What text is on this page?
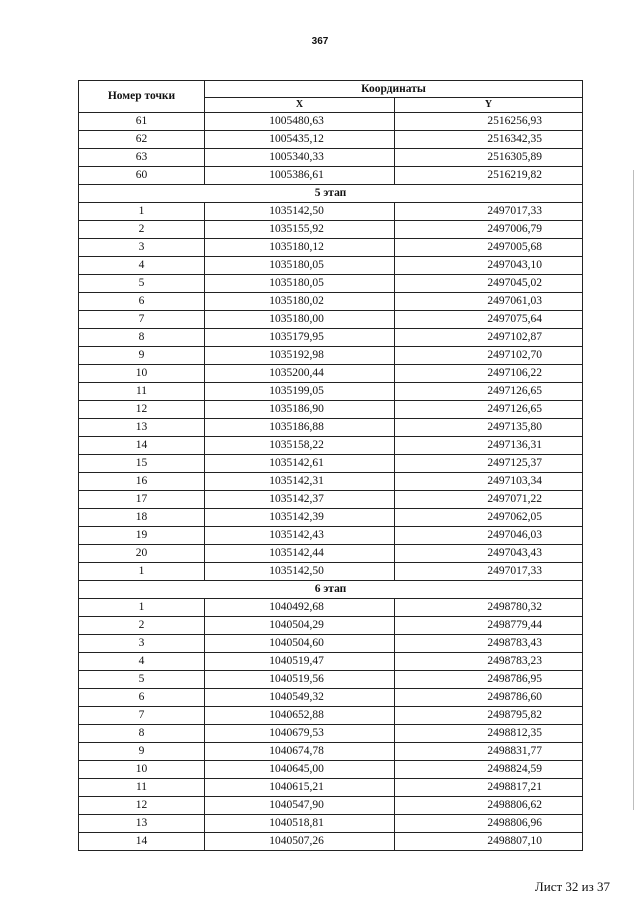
367
Номер точки	Координаты	
	X	Y
61	1005480,63	2516256,93
62	1005435,12	2516342,35
63	1005340,33	2516305,89
60	1005386,61	2516219,82
5 этап		
1	1035142,50	2497017,33
2	1035155,92	2497006,79
3	1035180,12	2497005,68
4	1035180,05	2497043,10
5	1035180,05	2497045,02
6	1035180,02	2497061,03
7	1035180,00	2497075,64
8	1035179,95	2497102,87
9	1035192,98	2497102,70
10	1035200,44	2497106,22
11	1035199,05	2497126,65
12	1035186,90	2497126,65
13	1035186,88	2497135,80
14	1035158,22	2497136,31
15	1035142,61	2497125,37
16	1035142,31	2497103,34
17	1035142,37	2497071,22
18	1035142,39	2497062,05
19	1035142,43	2497046,03
20	1035142,44	2497043,43
1	1035142,50	2497017,33
6 этап		
1	1040492,68	2498780,32
2	1040504,29	2498779,44
3	1040504,60	2498783,43
4	1040519,47	2498783,23
5	1040519,56	2498786,95
6	1040549,32	2498786,60
7	1040652,88	2498795,82
8	1040679,53	2498812,35
9	1040674,78	2498831,77
10	1040645,00	2498824,59
11	1040615,21	2498817,21
12	1040547,90	2498806,62
13	1040518,81	2498806,96
14	1040507,26	2498807,10
Лист 32 из 37
